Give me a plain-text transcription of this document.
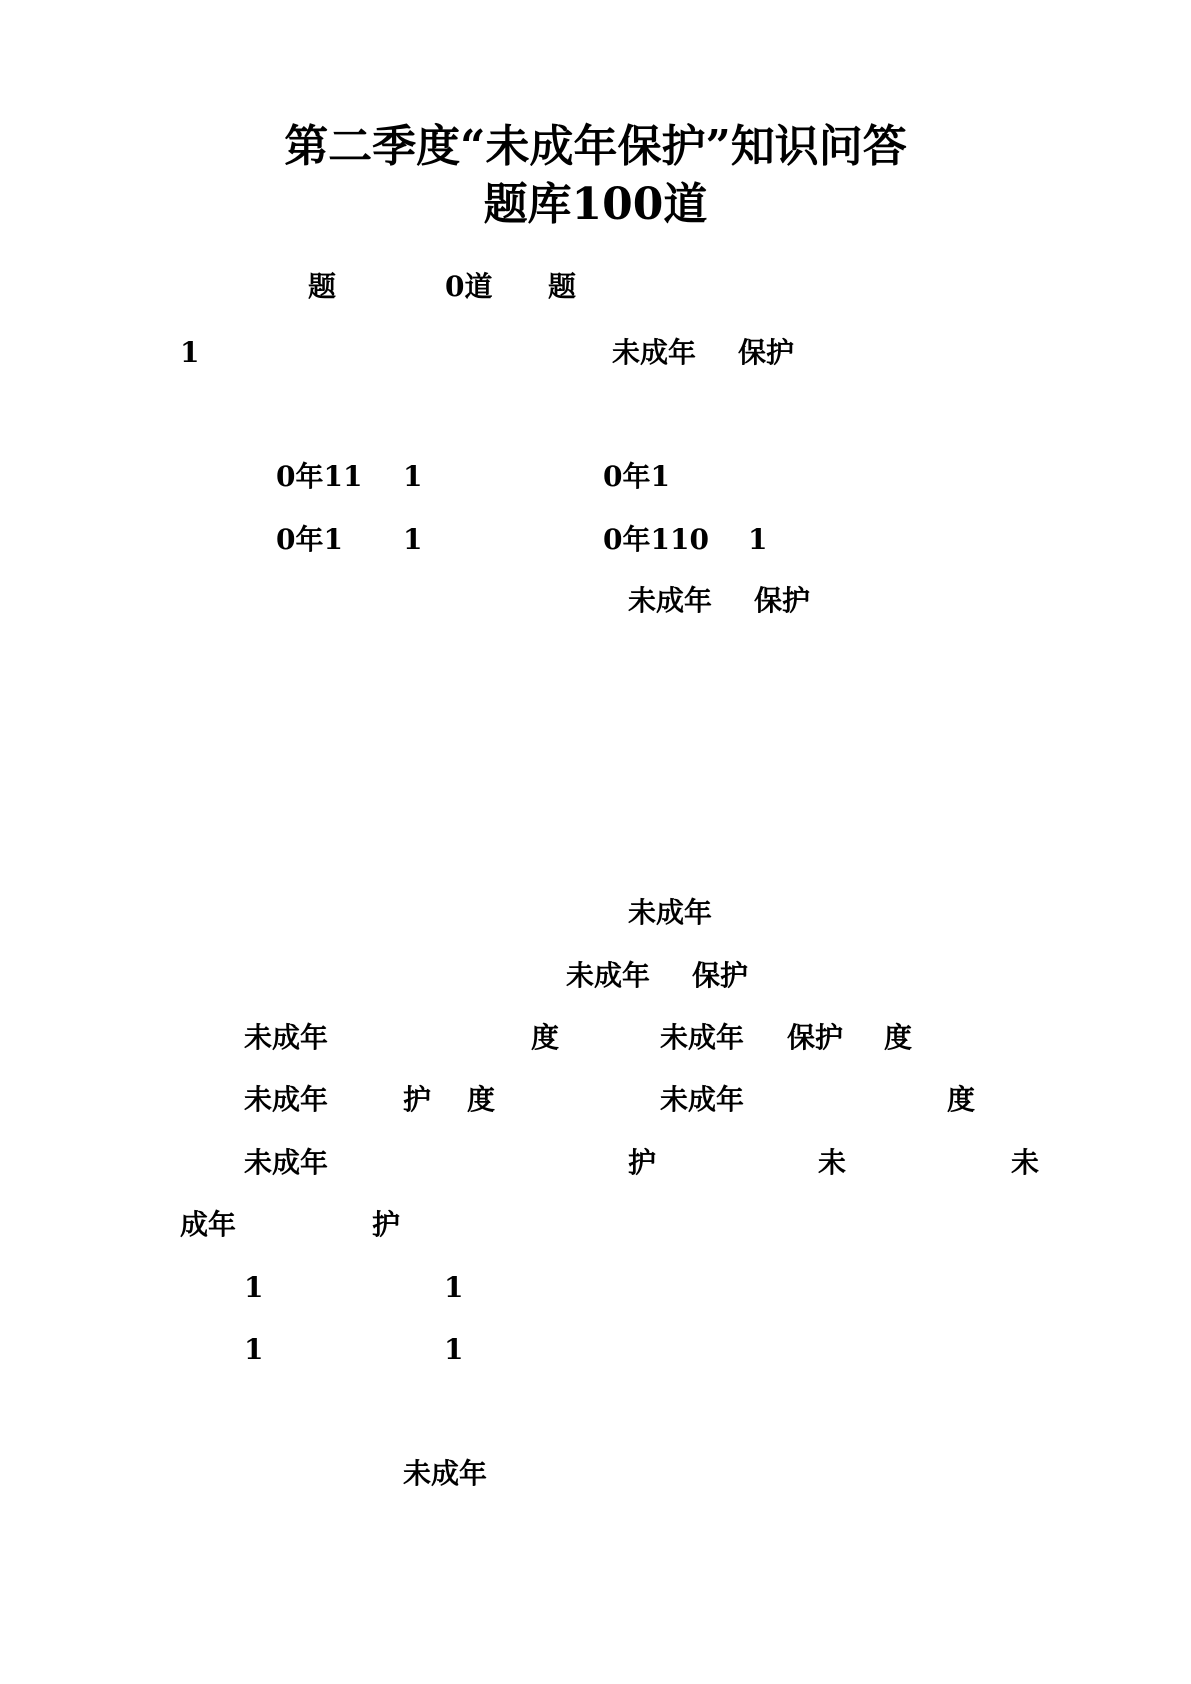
第二季度“未成年保护”知识问答
题库100道
题	0道 题
1	未成年 保护
0年11 1	0年1
0年1 1	0年110 1
未成年 保护
未成年
未成年 保护
未成年	度	未成年 保护 度
未成年	护 度	未成年	度
未成年	护	未	未
成年	护
1	1
1	1
未成年
